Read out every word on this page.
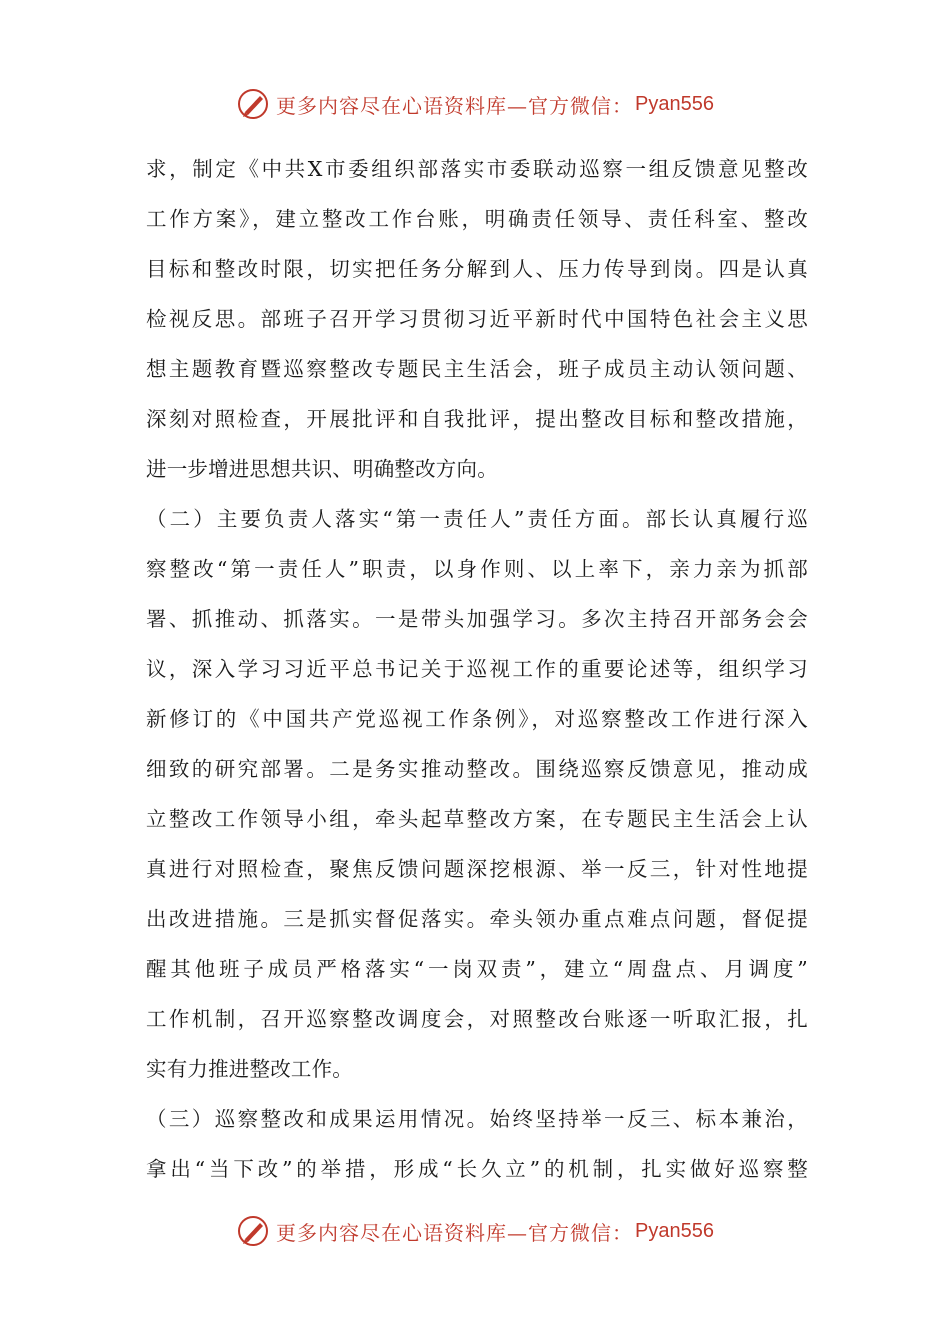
更多内容尽在心语资料库—官方微信： Pyan556
求，制定《中共X市委组织部落实市委联动巡察一组反馈意见整改
工作方案》，建立整改工作台账，明确责任领导、责任科室、整改
目标和整改时限，切实把任务分解到人、压力传导到岗。四是认真
检视反思。部班子召开学习贯彻习近平新时代中国特色社会主义思
想主题教育暨巡察整改专题民主生活会，班子成员主动认领问题、
深刻对照检查，开展批评和自我批评，提出整改目标和整改措施，
进一步增进思想共识、明确整改方向。
（二）主要负责人落实“第一责任人”责任方面。部长认真履行巡
察整改“第一责任人”职责，以身作则、以上率下，亲力亲为抓部
署、抓推动、抓落实。一是带头加强学习。多次主持召开部务会会
议，深入学习习近平总书记关于巡视工作的重要论述等，组织学习
新修订的《中国共产党巡视工作条例》，对巡察整改工作进行深入
细致的研究部署。二是务实推动整改。围绕巡察反馈意见，推动成
立整改工作领导小组，牵头起草整改方案，在专题民主生活会上认
真进行对照检查，聚焦反馈问题深挖根源、举一反三，针对性地提
出改进措施。三是抓实督促落实。牵头领办重点难点问题，督促提
醒其他班子成员严格落实“一岗双责”，建立“周盘点、月调度”
工作机制，召开巡察整改调度会，对照整改台账逐一听取汇报，扎
实有力推进整改工作。
（三）巡察整改和成果运用情况。始终坚持举一反三、标本兼治，
拿出“当下改”的举措，形成“长久立”的机制，扎实做好巡察整
更多内容尽在心语资料库—官方微信： Pyan556
